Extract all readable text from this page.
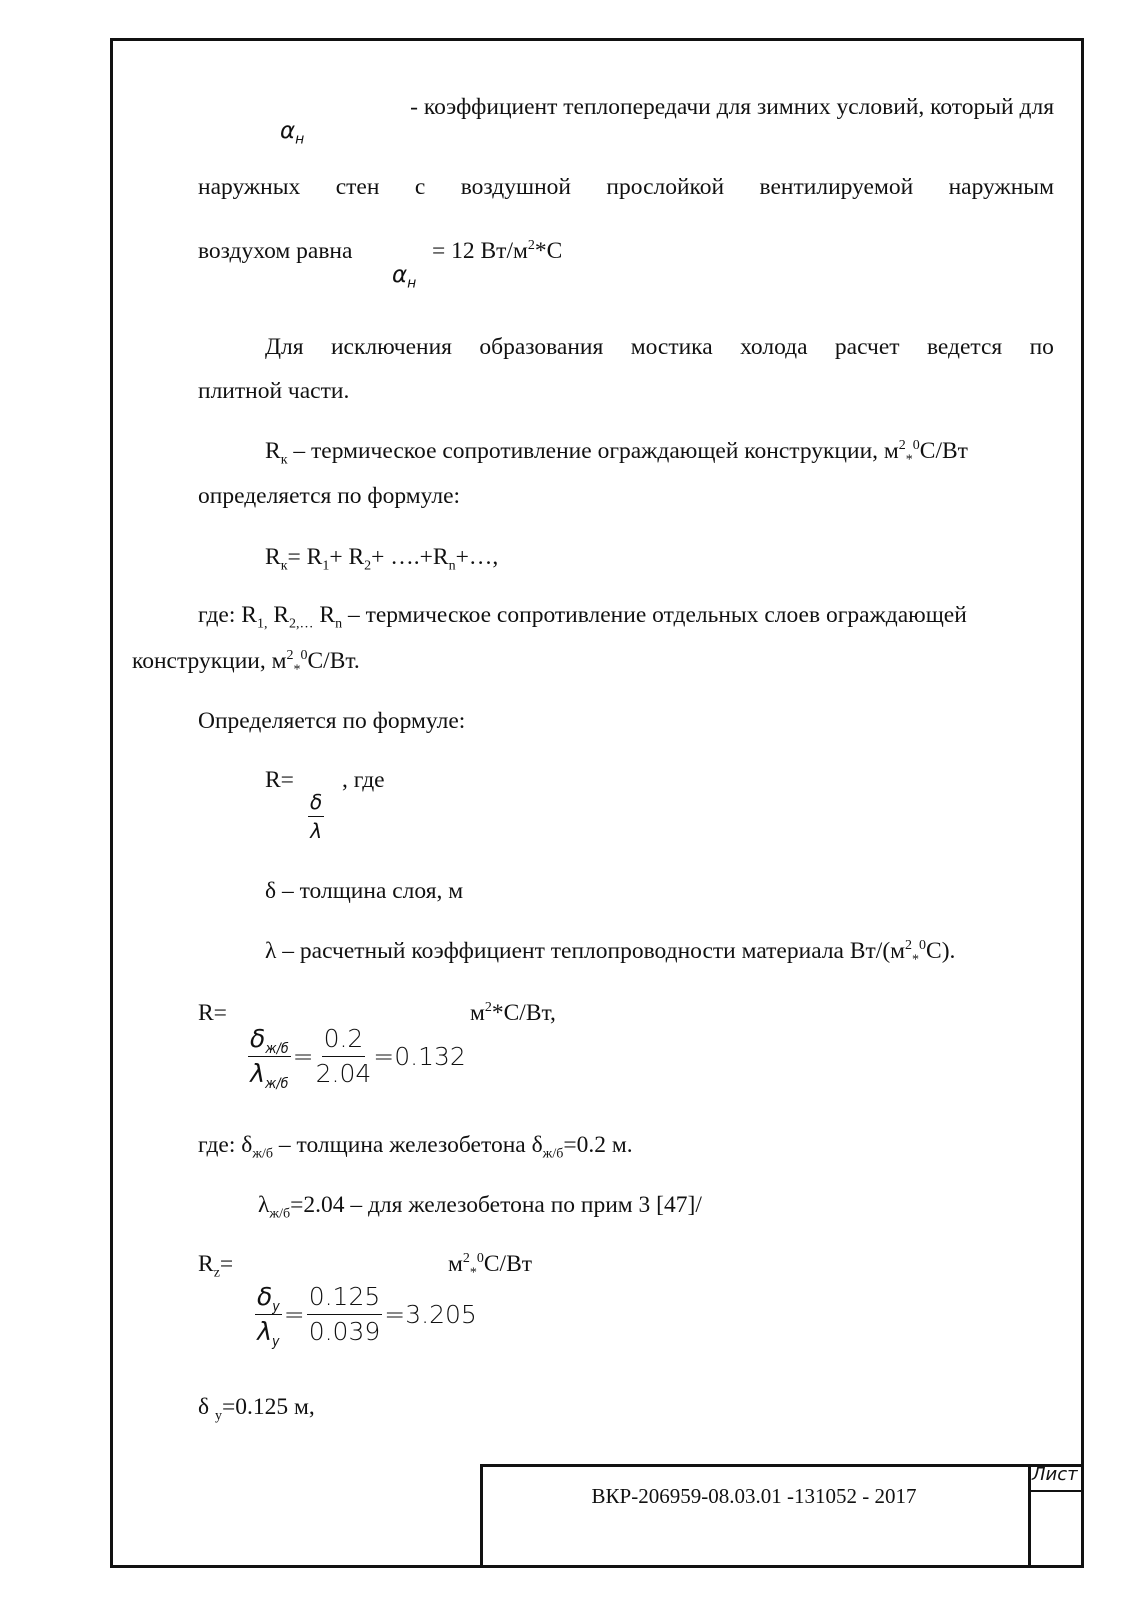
$\alpha_н$
- коэффициент теплопередачи для зимних условий, который для
наружных стен с воздушной прослойкой вентилируемой наружным
воздухом равна
$\alpha_н$
= 12 $Вт/м^2*С$
Для исключения образования мостика холода расчет ведется по
плитной части.
$R_к$ – термическое сопротивление ограждающей конструкции, $м^2_*^0С/Вт$
определяется по формуле:
$R_к= R_1+ R_2+$ $\dots.+R_n+\dots$,
где: $R_{1,}$ $R_{2,\dots}$ $R_n$ – термическое сопротивление отдельных слоев ограждающей
конструкции, $м^2_*^0С/Вт$.
Определяется по формуле:
R=
$\frac{\delta}{\lambda}$
, где
δ – толщина слоя, м
λ – расчетный коэффициент теплопроводности материала $Вт/(м^2_*^0С)$.
R=	$м^2*С/Вт$,
$\frac{\delta_{ж/б}}{\lambda_{ж/б}} = \frac{0.2}{2.04} =0.132$
где: $\delta_{ж/б}$ – толщина железобетона $\delta_{ж/б}=0.2$ м.
$\lambda_{ж/б}=2.04$ – для железобетона по прим 3 [47]/
$R_z=$	$м^2_*^0С/Вт$
$\frac{\delta_y}{\lambda_y} = \frac{0.125}{0.039} =3.205$
δ $_у$=0.125 м,
ВКР-206959-08.03.01 -131052 - 2017
Лист
